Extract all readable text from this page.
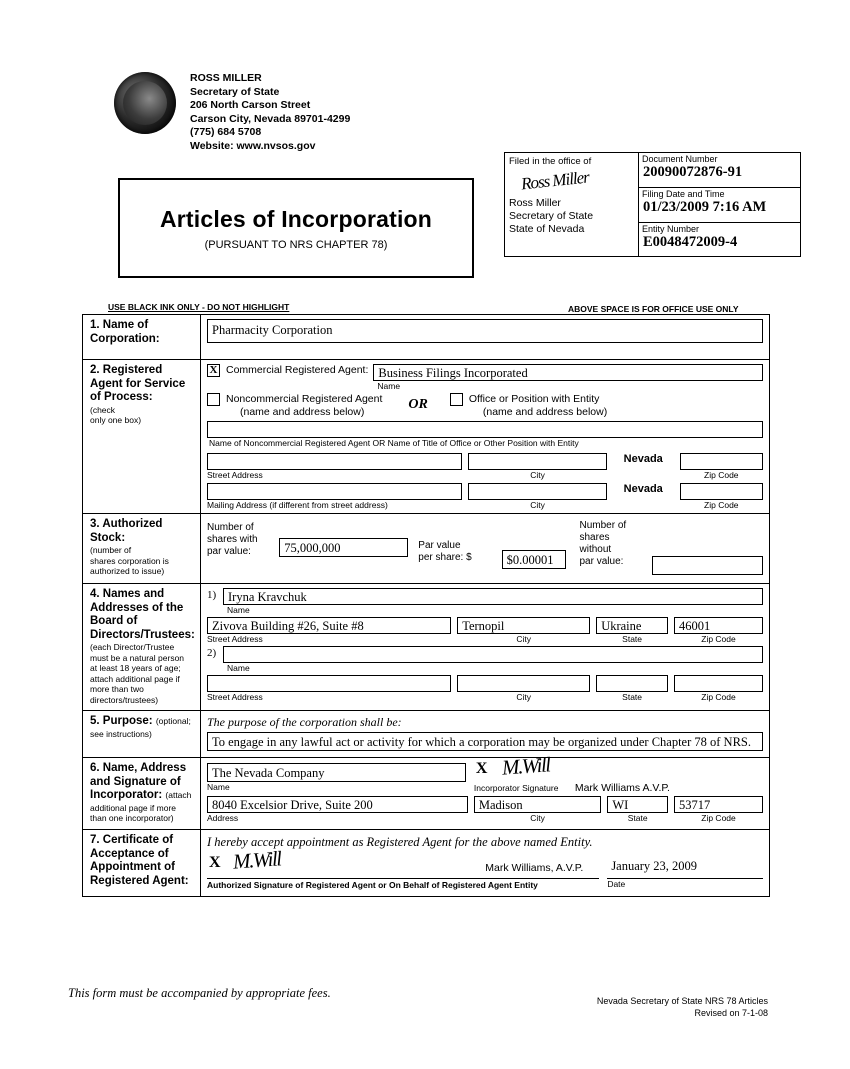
ROSS MILLER
Secretary of State
206 North Carson Street
Carson City, Nevada 89701-4299
(775) 684 5708
Website: www.nvsos.gov
Articles of Incorporation
(PURSUANT TO NRS CHAPTER 78)
Filed in the office of
Ross Miller
Ross Miller
Secretary of State
State of Nevada
Document Number
20090072876-91
Filing Date and Time
01/23/2009 7:16 AM
Entity Number
E0048472009-4
USE BLACK INK ONLY - DO NOT HIGHLIGHT	ABOVE SPACE IS FOR OFFICE USE ONLY
1. Name of
Corporation:
Pharmacity Corporation
2. Registered
Agent for Service
of Process:
(check
only one box)
X Commercial Registered Agent: Business Filings Incorporated
Name
Noncommercial Registered Agent
(name and address below)	OR	Office or Position with Entity
(name and address below)
Name of Noncommercial Registered Agent OR Name of Title of Office or Other Position with Entity
Street Address	City

Nevada

Zip Code
Mailing Address (if different from street address)	City

Nevada

Zip Code
3. Authorized
Stock:
(number of
shares corporation is
authorized to issue)
Number of
shares with
par value:	75,000,000	Par value
per share: $	$0.00001

Number of
shares
without
par value:

4. Names and
Addresses of the
Board of
Directors/Trustees:
(each Director/Trustee
must be a natural person
at least 18 years of age;
attach additional page if
more than two
directors/trustees)
1) Iryna Kravchuk
Name
Zivova Building #26, Suite #8
Street Address

Ternopil
City

Ukraine
State

46001
Zip Code
2)
Name
Street Address	City	State	Zip Code
5. Purpose: (optional;
see instructions)
The purpose of the corporation shall be:
To engage in any lawful act or activity for which a corporation may be organized under Chapter 78 of NRS.
6. Name, Address
and Signature of
Incorporator: (attach
additional page if more
than one incorporator)
The Nevada Company
Name

X M.Will
Incorporator Signature Mark Williams A.V.P.
8040 Excelsior Drive, Suite 200
Address

Madison
City

WI
State

53717
Zip Code
7. Certificate of
Acceptance of
Appointment of
Registered Agent:
I hereby accept appointment as Registered Agent for the above named Entity.
X M.Will	Mark Williams, A.V.P.
Authorized Signature of Registered Agent or On Behalf of Registered Agent Entity

January 23, 2009
Date
This form must be accompanied by appropriate fees.
Nevada Secretary of State NRS 78 Articles
Revised on 7-1-08
